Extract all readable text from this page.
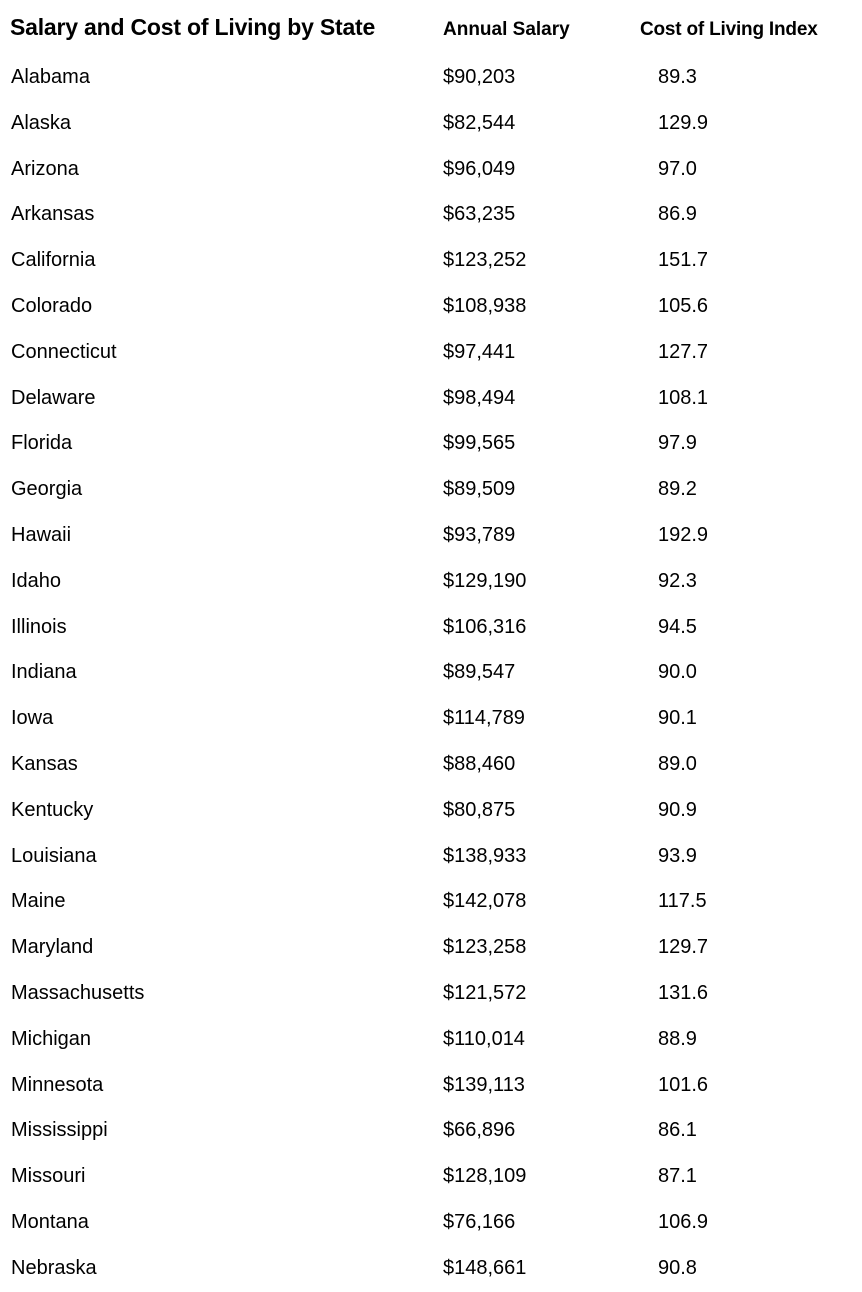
Salary and Cost of Living by State	Annual Salary	Cost of Living Index
Alabama	$90,203	89.3
Alaska	$82,544	129.9
Arizona	$96,049	97.0
Arkansas	$63,235	86.9
California	$123,252	151.7
Colorado	$108,938	105.6
Connecticut	$97,441	127.7
Delaware	$98,494	108.1
Florida	$99,565	97.9
Georgia	$89,509	89.2
Hawaii	$93,789	192.9
Idaho	$129,190	92.3
Illinois	$106,316	94.5
Indiana	$89,547	90.0
Iowa	$114,789	90.1
Kansas	$88,460	89.0
Kentucky	$80,875	90.9
Louisiana	$138,933	93.9
Maine	$142,078	117.5
Maryland	$123,258	129.7
Massachusetts	$121,572	131.6
Michigan	$110,014	88.9
Minnesota	$139,113	101.6
Mississippi	$66,896	86.1
Missouri	$128,109	87.1
Montana	$76,166	106.9
Nebraska	$148,661	90.8
